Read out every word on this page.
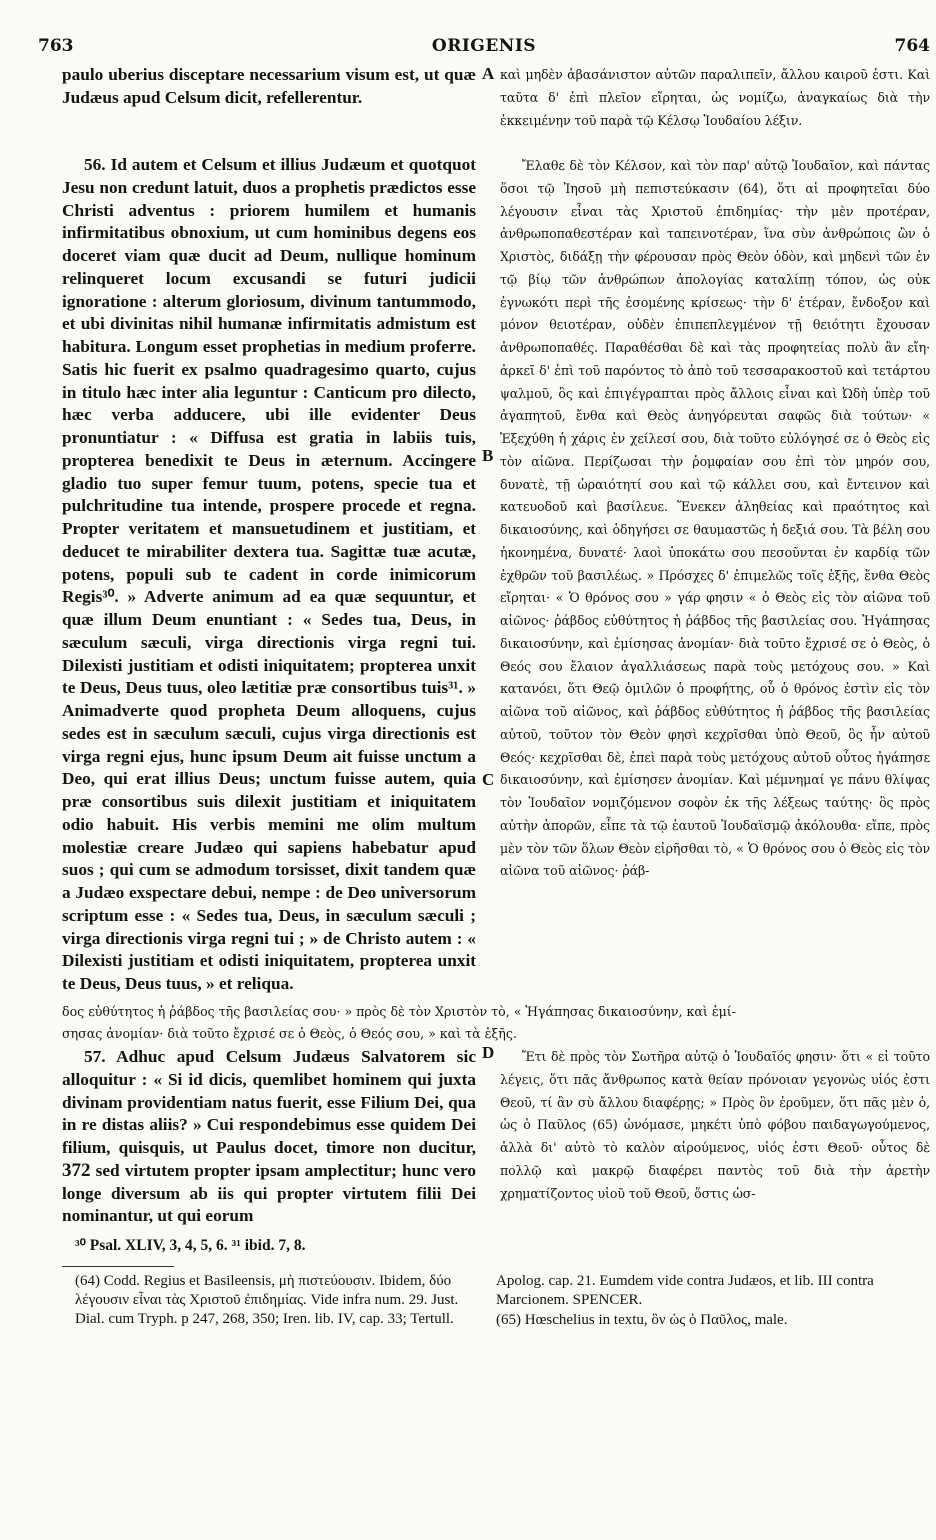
763	ORIGENIS	764

paulo uberius disceptare necessarium visum est, ut quæ Judæus apud Celsum dicit, refellerentur.

56. Id autem et Celsum et illius Judæum et quotquot Jesu non credunt latuit, duos a prophetis prædictos esse Christi adventus : priorem humilem et humanis infirmitatibus obnoxium, ut cum hominibus degens eos doceret viam quæ ducit ad Deum, nullique hominum relinqueret locum excusandi se futuri judicii ignoratione : alterum gloriosum, divinum tantummodo, et ubi divinitas nihil humanæ infirmitatis admistum est habitura. Longum esset prophetias in medium proferre. Satis hic fuerit ex psalmo quadragesimo quarto, cujus in titulo hæc inter alia leguntur : Canticum pro dilecto, hæc verba adducere, ubi ille evidenter Deus pronuntiatur : « Diffusa est gratia in labiis tuis, propterea benedixit te Deus in æternum. Accingere gladio tuo super femur tuum, potens, specie tua et pulchritudine tua intende, prospere procede et regna. Propter veritatem et mansuetudinem et justitiam, et deducet te mirabiliter dextera tua. Sagittæ tuæ acutæ, potens, populi sub te cadent in corde inimicorum Regis³⁰. » Adverte animum ad ea quæ sequuntur, et quæ illum Deum enuntiant : « Sedes tua, Deus, in sæculum sæculi, virga directionis virga regni tui. Dilexisti justitiam et odisti iniquitatem; propterea unxit te Deus, Deus tuus, oleo lætitiæ præ consortibus tuis³¹. » Animadverte quod propheta Deum alloquens, cujus sedes est in sæculum sæculi, cujus virga directionis est virga regni ejus, hunc ipsum Deum ait fuisse unctum a Deo, qui erat illius Deus; unctum fuisse autem, quia præ consortibus suis dilexit justitiam et iniquitatem odio habuit. His verbis memini me olim multum molestiæ creare Judæo qui sapiens habebatur apud suos ; qui cum se admodum torsisset, dixit tandem quæ a Judæo exspectare debui, nempe : de Deo universorum scriptum esse : « Sedes tua, Deus, in sæculum sæculi ; virga directionis virga regni tui ; » de Christo autem : « Dilexisti justitiam et odisti iniquitatem, propterea unxit te Deus, Deus tuus, » et reliqua.

καὶ μηδὲν ἀβασάνιστον αὐτῶν παραλιπεῖν, ἄλλου καιροῦ ἐστι. Καὶ ταῦτα δ' ἐπὶ πλεῖον εἴρηται, ὡς νομίζω, ἀναγκαίως διὰ τὴν ἐκκειμένην τοῦ παρὰ τῷ Κέλσῳ Ἰουδαίου λέξιν.

Ἔλαθε δὲ τὸν Κέλσον, καὶ τὸν παρ' αὐτῷ Ἰουδαῖον, καὶ πάντας ὅσοι τῷ Ἰησοῦ μὴ πεπιστεύκασιν (64), ὅτι αἱ προφητεῖαι δύο λέγουσιν εἶναι τὰς Χριστοῦ ἐπιδημίας· τὴν μὲν προτέραν, ἀνθρωποπαθεστέραν καὶ ταπεινοτέραν, ἵνα σὺν ἀνθρώποις ὢν ὁ Χριστὸς, διδάξῃ τὴν φέρουσαν πρὸς Θεὸν ὁδὸν, καὶ μηδενὶ τῶν ἐν τῷ βίῳ τῶν ἀνθρώπων ἀπολογίας καταλίπῃ τόπον, ὡς οὐκ ἐγνωκότι περὶ τῆς ἐσομένης κρίσεως· τὴν δ' ἑτέραν, ἔνδοξον καὶ μόνον θειοτέραν, οὐδὲν ἐπιπεπλεγμένον τῇ θειότητι ἔχουσαν ἀνθρωποπαθές. Παραθέσθαι δὲ καὶ τὰς προφητείας πολὺ ἂν εἴη· ἀρκεῖ δ' ἐπὶ τοῦ παρόντος τὸ ἀπὸ τοῦ τεσσαρακοστοῦ καὶ τετάρτου ψαλμοῦ, ὃς καὶ ἐπιγέγραπται πρὸς ἄλλοις εἶναι καὶ Ὠδὴ ὑπὲρ τοῦ ἀγαπητοῦ, ἔνθα καὶ Θεὸς ἀνηγόρευται σαφῶς διὰ τούτων· « Ἐξεχύθη ἡ χάρις ἐν χείλεσί σου, διὰ τοῦτο εὐλόγησέ σε ὁ Θεὸς εἰς τὸν αἰῶνα. Περίζωσαι τὴν ῥομφαίαν σου ἐπὶ τὸν μηρόν σου, δυνατὲ, τῇ ὡραιότητί σου καὶ τῷ κάλλει σου, καὶ ἔντεινον καὶ κατευοδοῦ καὶ βασίλευε. Ἕνεκεν ἀληθείας καὶ πραότητος καὶ δικαιοσύνης, καὶ ὁδηγήσει σε θαυμαστῶς ἡ δεξιά σου. Τὰ βέλη σου ἠκονημένα, δυνατέ· λαοὶ ὑποκάτω σου πεσοῦνται ἐν καρδίᾳ τῶν ἐχθρῶν τοῦ βασιλέως. » Πρόσχες δ' ἐπιμελῶς τοῖς ἑξῆς, ἔνθα Θεὸς εἴρηται· « Ὁ θρόνος σου » γάρ φησιν « ὁ Θεὸς εἰς τὸν αἰῶνα τοῦ αἰῶνος· ῥάβδος εὐθύτητος ἡ ῥάβδος τῆς βασιλείας σου. Ἠγάπησας δικαιοσύνην, καὶ ἐμίσησας ἀνομίαν· διὰ τοῦτο ἔχρισέ σε ὁ Θεὸς, ὁ Θεός σου ἔλαιον ἀγαλλιάσεως παρὰ τοὺς μετόχους σου. » Καὶ κατανόει, ὅτι Θεῷ ὁμιλῶν ὁ προφήτης, οὗ ὁ θρόνος ἐστὶν εἰς τὸν αἰῶνα τοῦ αἰῶνος, καὶ ῥάβδος εὐθύτητος ἡ ῥάβδος τῆς βασιλείας αὐτοῦ, τοῦτον τὸν Θεὸν φησὶ κεχρῖσθαι ὑπὸ Θεοῦ, ὃς ἦν αὐτοῦ Θεός· κεχρῖσθαι δὲ, ἐπεὶ παρὰ τοὺς μετόχους αὐτοῦ οὗτος ἠγάπησε δικαιοσύνην, καὶ ἐμίσησεν ἀνομίαν. Καὶ μέμνημαί γε πάνυ θλίψας τὸν Ἰουδαῖον νομιζόμενον σοφὸν ἐκ τῆς λέξεως ταύτης· ὃς πρὸς αὐτὴν ἀπορῶν, εἶπε τὰ τῷ ἑαυτοῦ Ἰουδαϊσμῷ ἀκόλουθα· εἴπε, πρὸς μὲν τὸν τῶν ὅλων Θεὸν εἰρῆσθαι τὸ, « Ὁ θρόνος σου ὁ Θεὸς εἰς τὸν αἰῶνα τοῦ αἰῶνος· ῥάβ-

A
B
C
D
δος εὐθύτητος ἡ ῥάβδος τῆς βασιλείας σου· » πρὸς δὲ τὸν Χριστὸν τὸ, « Ἠγάπησας δικαιοσύνην, καὶ ἐμί-
σησας ἀνομίαν· διὰ τοῦτο ἔχρισέ σε ὁ Θεὸς, ὁ Θεός σου, » καὶ τὰ ἑξῆς.

57. Adhuc apud Celsum Judæus Salvatorem sic alloquitur : « Si id dicis, quemlibet hominem qui juxta divinam providentiam natus fuerit, esse Filium Dei, qua in re distas aliis? » Cui respondebimus esse quidem Dei filium, quisquis, ut Paulus docet, timore non ducitur, 372 sed virtutem propter ipsam amplectitur; hunc vero longe diversum ab iis qui propter virtutem filii Dei nominantur, ut qui eorum

Ἔτι δὲ πρὸς τὸν Σωτῆρα αὐτῷ ὁ Ἰουδαῖός φησιν· ὅτι « εἰ τοῦτο λέγεις, ὅτι πᾶς ἄνθρωπος κατὰ θείαν πρόνοιαν γεγονὼς υἱός ἐστι Θεοῦ, τί ἂν σὺ ἄλλου διαφέρῃς; » Πρὸς ὃν ἐροῦμεν, ὅτι πᾶς μὲν ὁ, ὡς ὁ Παῦλος (65) ὠνόμασε, μηκέτι ὑπὸ φόβου παιδαγωγούμενος, ἀλλὰ δι' αὐτὸ τὸ καλὸν αἱρούμενος, υἱός ἐστι Θεοῦ· οὗτος δὲ πολλῷ καὶ μακρῷ διαφέρει παντὸς τοῦ διὰ τὴν ἀρετὴν χρηματίζοντος υἱοῦ τοῦ Θεοῦ, ὅστις ὡσ-

³⁰ Psal. XLIV, 3, 4, 5, 6. ³¹ ibid. 7, 8.
(64) Codd. Regius et Basileensis, μὴ πιστεύουσιν. Ibidem, δύο λέγουσιν εἶναι τὰς Χριστοῦ ἐπιδημίας. Vide infra num. 29. Just. Dial. cum Tryph. p 247, 268, 350; Iren. lib. IV, cap. 33; Tertull.
Apolog. cap. 21. Eumdem vide contra Judæos, et lib. III contra Marcionem. SPENCER.
(65) Hœschelius in textu, ὃν ὡς ὁ Παῦλος, male.
